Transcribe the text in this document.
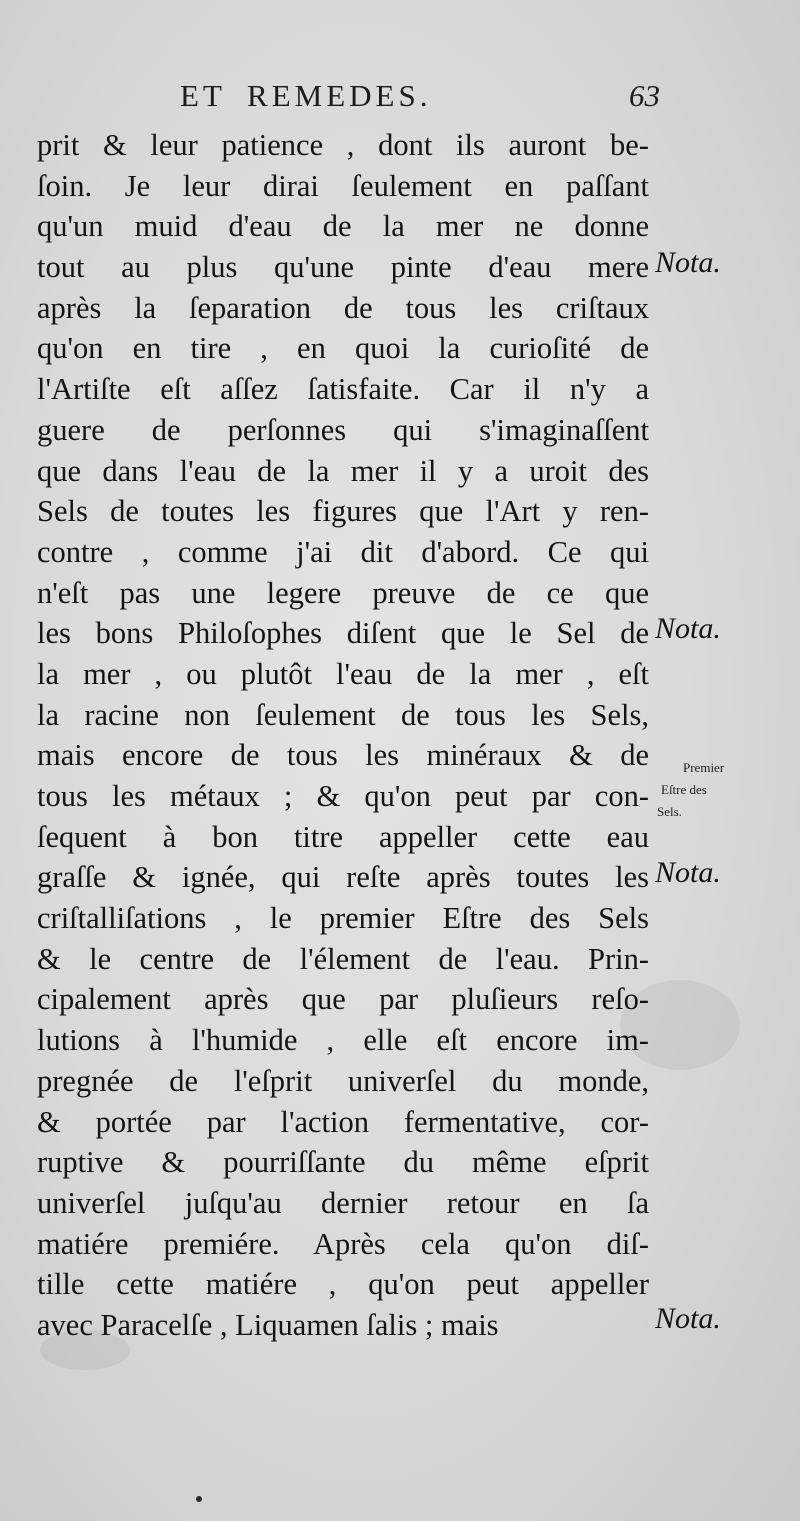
ET REMEDES.	63
prit & leur patience , dont ils auront be-
ſoin. Je leur dirai ſeulement en paſſant
qu'un muid d'eau de la mer ne donne
tout au plus qu'une pinte d'eau mere
après la ſeparation de tous les criſtaux
qu'on en tire , en quoi la curioſité de
l'Artiſte eſt aſſez ſatisfaite. Car il n'y a
guere de perſonnes qui s'imaginaſſent
que dans l'eau de la mer il y a uroit des
Sels de toutes les figures que l'Art y ren-
contre , comme j'ai dit d'abord. Ce qui
n'eſt pas une legere preuve de ce que
les bons Philoſophes diſent que le Sel de
la mer , ou plutôt l'eau de la mer , eſt
la racine non ſeulement de tous les Sels,
mais encore de tous les minéraux & de
tous les métaux ; & qu'on peut par con-
ſequent à bon titre appeller cette eau
graſſe & ignée, qui reſte après toutes les
criſtalliſations , le premier Eſtre des Sels
& le centre de l'élement de l'eau. Prin-
cipalement après que par pluſieurs reſo-
lutions à l'humide , elle eſt encore im-
pregnée de l'eſprit univerſel du monde,
& portée par l'action fermentative, cor-
ruptive & pourriſſante du même eſprit
univerſel juſqu'au dernier retour en ſa
matiére premiére. Après cela qu'on diſ-
tille cette matiére , qu'on peut appeller
avec Paracelſe , Liquamen ſalis ; mais
Nota.
Nota.
Premier
Eſtre des
Sels.
Nota.
Nota.
